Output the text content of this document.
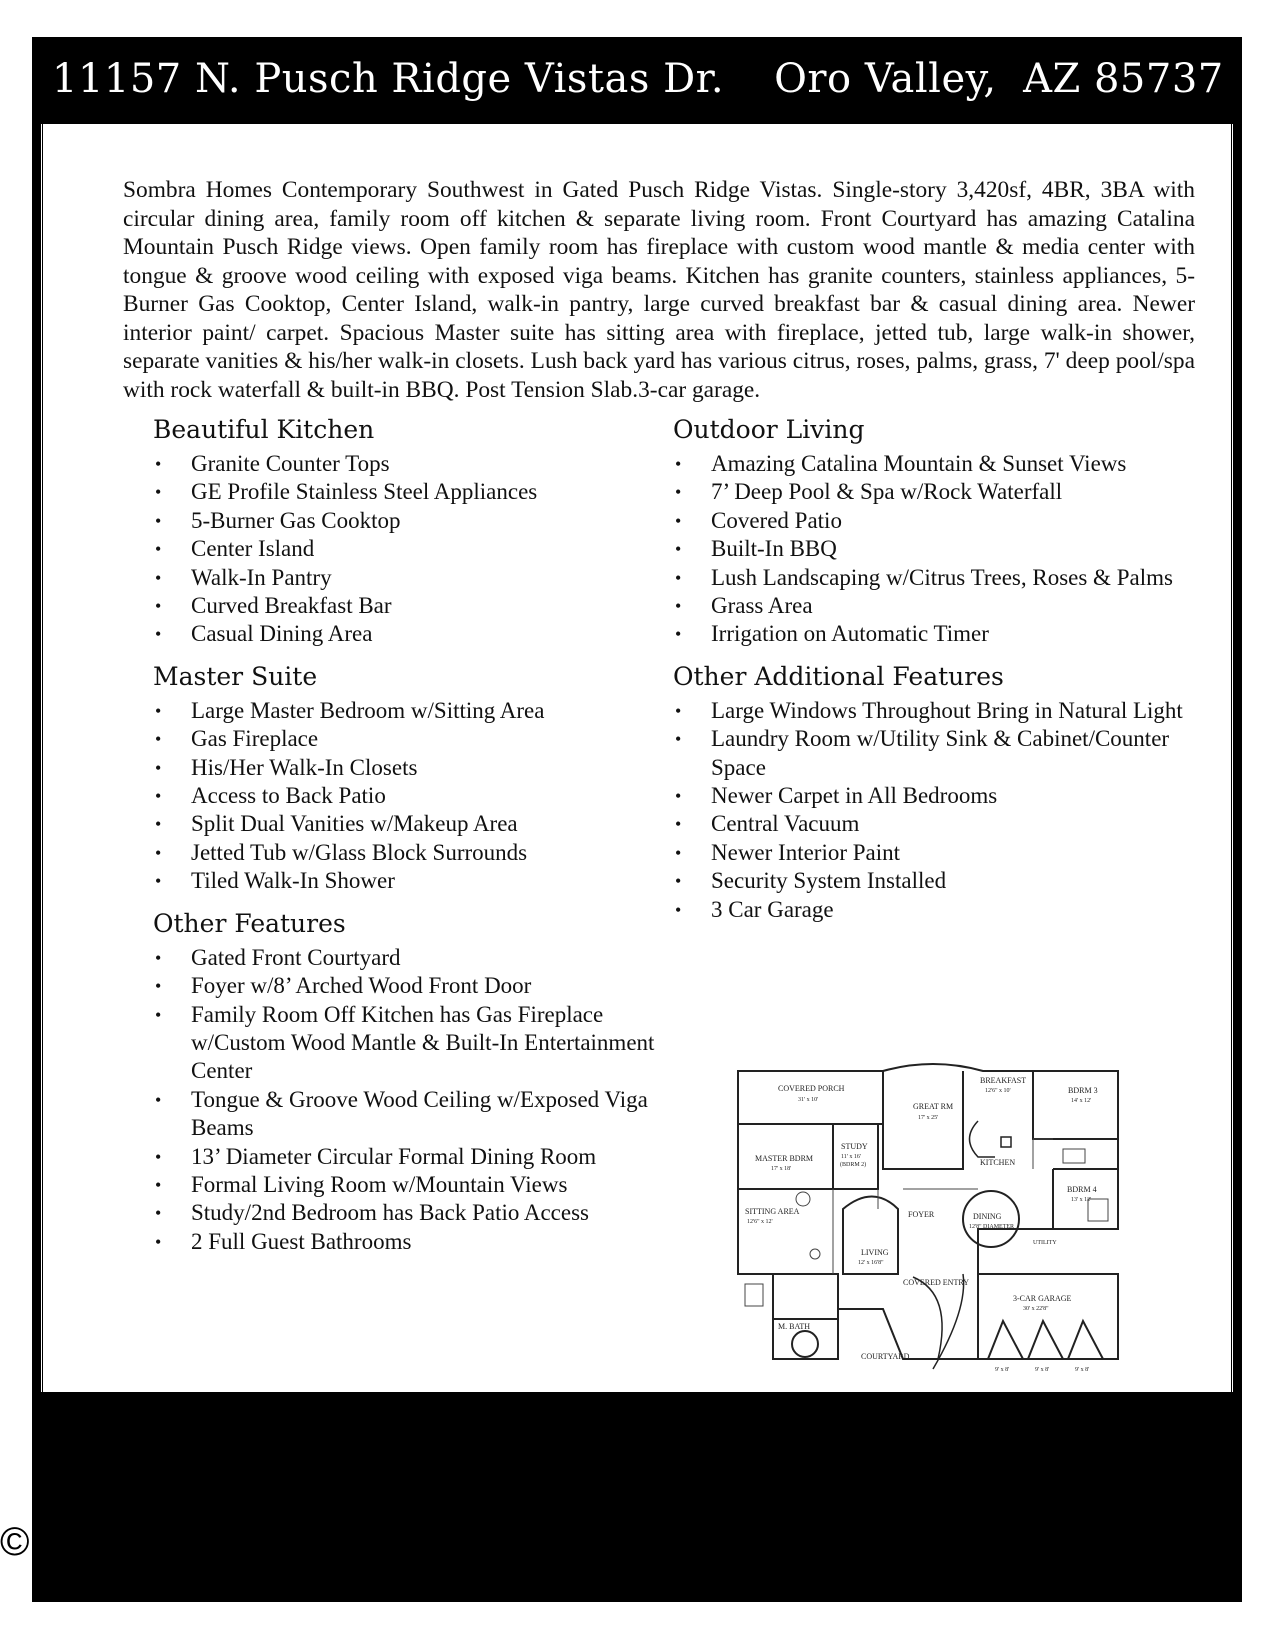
11157 N. Pusch Ridge Vistas Dr. Oro Valley,  AZ 85737

Sombra Homes Contemporary Southwest in Gated Pusch Ridge Vistas. Single-story 3,420sf, 4BR, 3BA with circular dining area, family room off kitchen & separate living room. Front Courtyard has amazing Catalina Mountain Pusch Ridge views. Open family room has fireplace with custom wood mantle & media center with tongue & groove wood ceiling with exposed viga beams. Kitchen has granite counters, stainless appliances, 5-Burner Gas Cooktop, Center Island, walk-in pantry, large curved breakfast bar & casual dining area. Newer interior paint/ carpet. Spacious Master suite has sitting area with fireplace, jetted tub, large walk-in shower, separate vanities & his/her walk-in closets. Lush back yard has various citrus, roses, palms, grass, 7' deep pool/spa with rock waterfall & built-in BBQ. Post Tension Slab.3-car garage.

Beautiful Kitchen
• Granite Counter Tops
• GE Profile Stainless Steel Appliances
• 5-Burner Gas Cooktop
• Center Island
• Walk-In Pantry
• Curved Breakfast Bar
• Casual Dining Area
Master Suite
• Large Master Bedroom w/Sitting Area
• Gas Fireplace
• His/Her Walk-In Closets
• Access to Back Patio
• Split Dual Vanities w/Makeup Area
• Jetted Tub w/Glass Block Surrounds
• Tiled Walk-In Shower
Other Features
• Gated Front Courtyard
• Foyer w/8’ Arched Wood Front Door
• Family Room Off Kitchen has Gas Fireplace w/Custom Wood Mantle & Built-In Entertainment Center
• Tongue & Groove Wood Ceiling w/Exposed Viga Beams
• 13’ Diameter Circular Formal Dining Room
• Formal Living Room w/Mountain Views
• Study/2nd Bedroom has Back Patio Access
• 2 Full Guest Bathrooms
Outdoor Living
• Amazing Catalina Mountain & Sunset Views
• 7’ Deep Pool & Spa w/Rock Waterfall
• Covered Patio
• Built-In BBQ
• Lush Landscaping w/Citrus Trees, Roses & Palms
• Grass Area
• Irrigation on Automatic Timer
Other Additional Features
• Large Windows Throughout Bring in Natural Light
• Laundry Room w/Utility Sink & Cabinet/Counter Space
• Newer Carpet in All Bedrooms
• Central Vacuum
• Newer Interior Paint
• Security System Installed
• 3 Car Garage
COVERED PORCH
31' x 10'
GREAT RM
17' x 25'
BREAKFAST
12'6" x 10'	BDRM 3
14' x 12'
MASTER BDRM
17' x 18'
STUDY
11' x 16'
(BDRM 2)	KITCHEN
BDRM 4
13' x 12'
SITTING AREA
12'6" x 12'
FOYER	DINING
12'8" DIAMETER
UTILITY
LIVING
12' x 16'8"
COVERED ENTRY
3-CAR GARAGE
30' x 22'8"
M. BATH
COURTYARD
9' x 8'	9' x 8'	9' x 8'
©2021 MLSSAZ
All Information Deemed Reliable But Not Guaranteed
